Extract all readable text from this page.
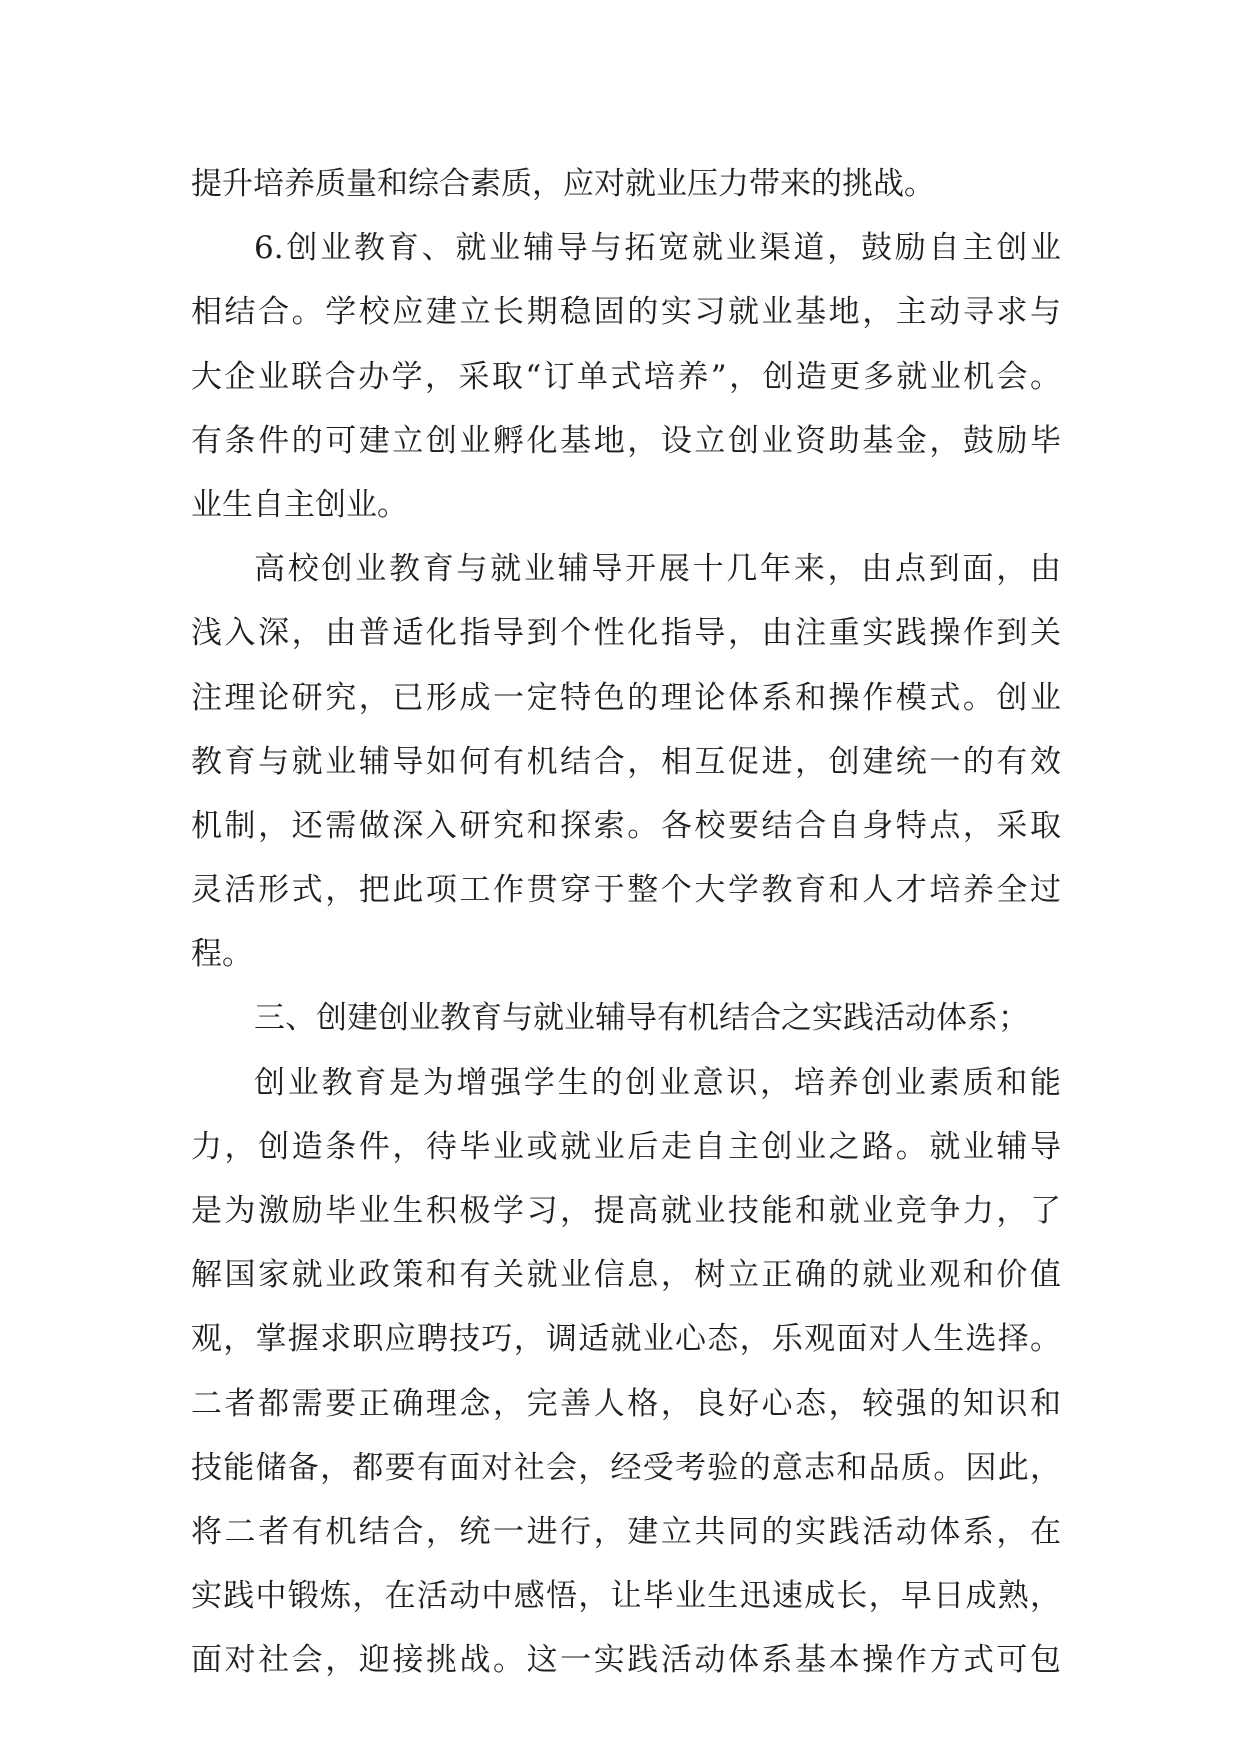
提升培养质量和综合素质，应对就业压力带来的挑战。
6.创业教育、就业辅导与拓宽就业渠道，鼓励自主创业
相结合。学校应建立长期稳固的实习就业基地，主动寻求与
大企业联合办学，采取“订单式培养”，创造更多就业机会。
有条件的可建立创业孵化基地，设立创业资助基金，鼓励毕
业生自主创业。
高校创业教育与就业辅导开展十几年来，由点到面，由
浅入深，由普适化指导到个性化指导，由注重实践操作到关
注理论研究，已形成一定特色的理论体系和操作模式。创业
教育与就业辅导如何有机结合，相互促进，创建统一的有效
机制，还需做深入研究和探索。各校要结合自身特点，采取
灵活形式，把此项工作贯穿于整个大学教育和人才培养全过
程。
三、创建创业教育与就业辅导有机结合之实践活动体系；
创业教育是为增强学生的创业意识，培养创业素质和能
力，创造条件，待毕业或就业后走自主创业之路。就业辅导
是为激励毕业生积极学习，提高就业技能和就业竞争力，了
解国家就业政策和有关就业信息，树立正确的就业观和价值
观，掌握求职应聘技巧，调适就业心态，乐观面对人生选择。
二者都需要正确理念，完善人格，良好心态，较强的知识和
技能储备，都要有面对社会，经受考验的意志和品质。因此，
将二者有机结合，统一进行，建立共同的实践活动体系，在
实践中锻炼，在活动中感悟，让毕业生迅速成长，早日成熟，
面对社会，迎接挑战。这一实践活动体系基本操作方式可包
